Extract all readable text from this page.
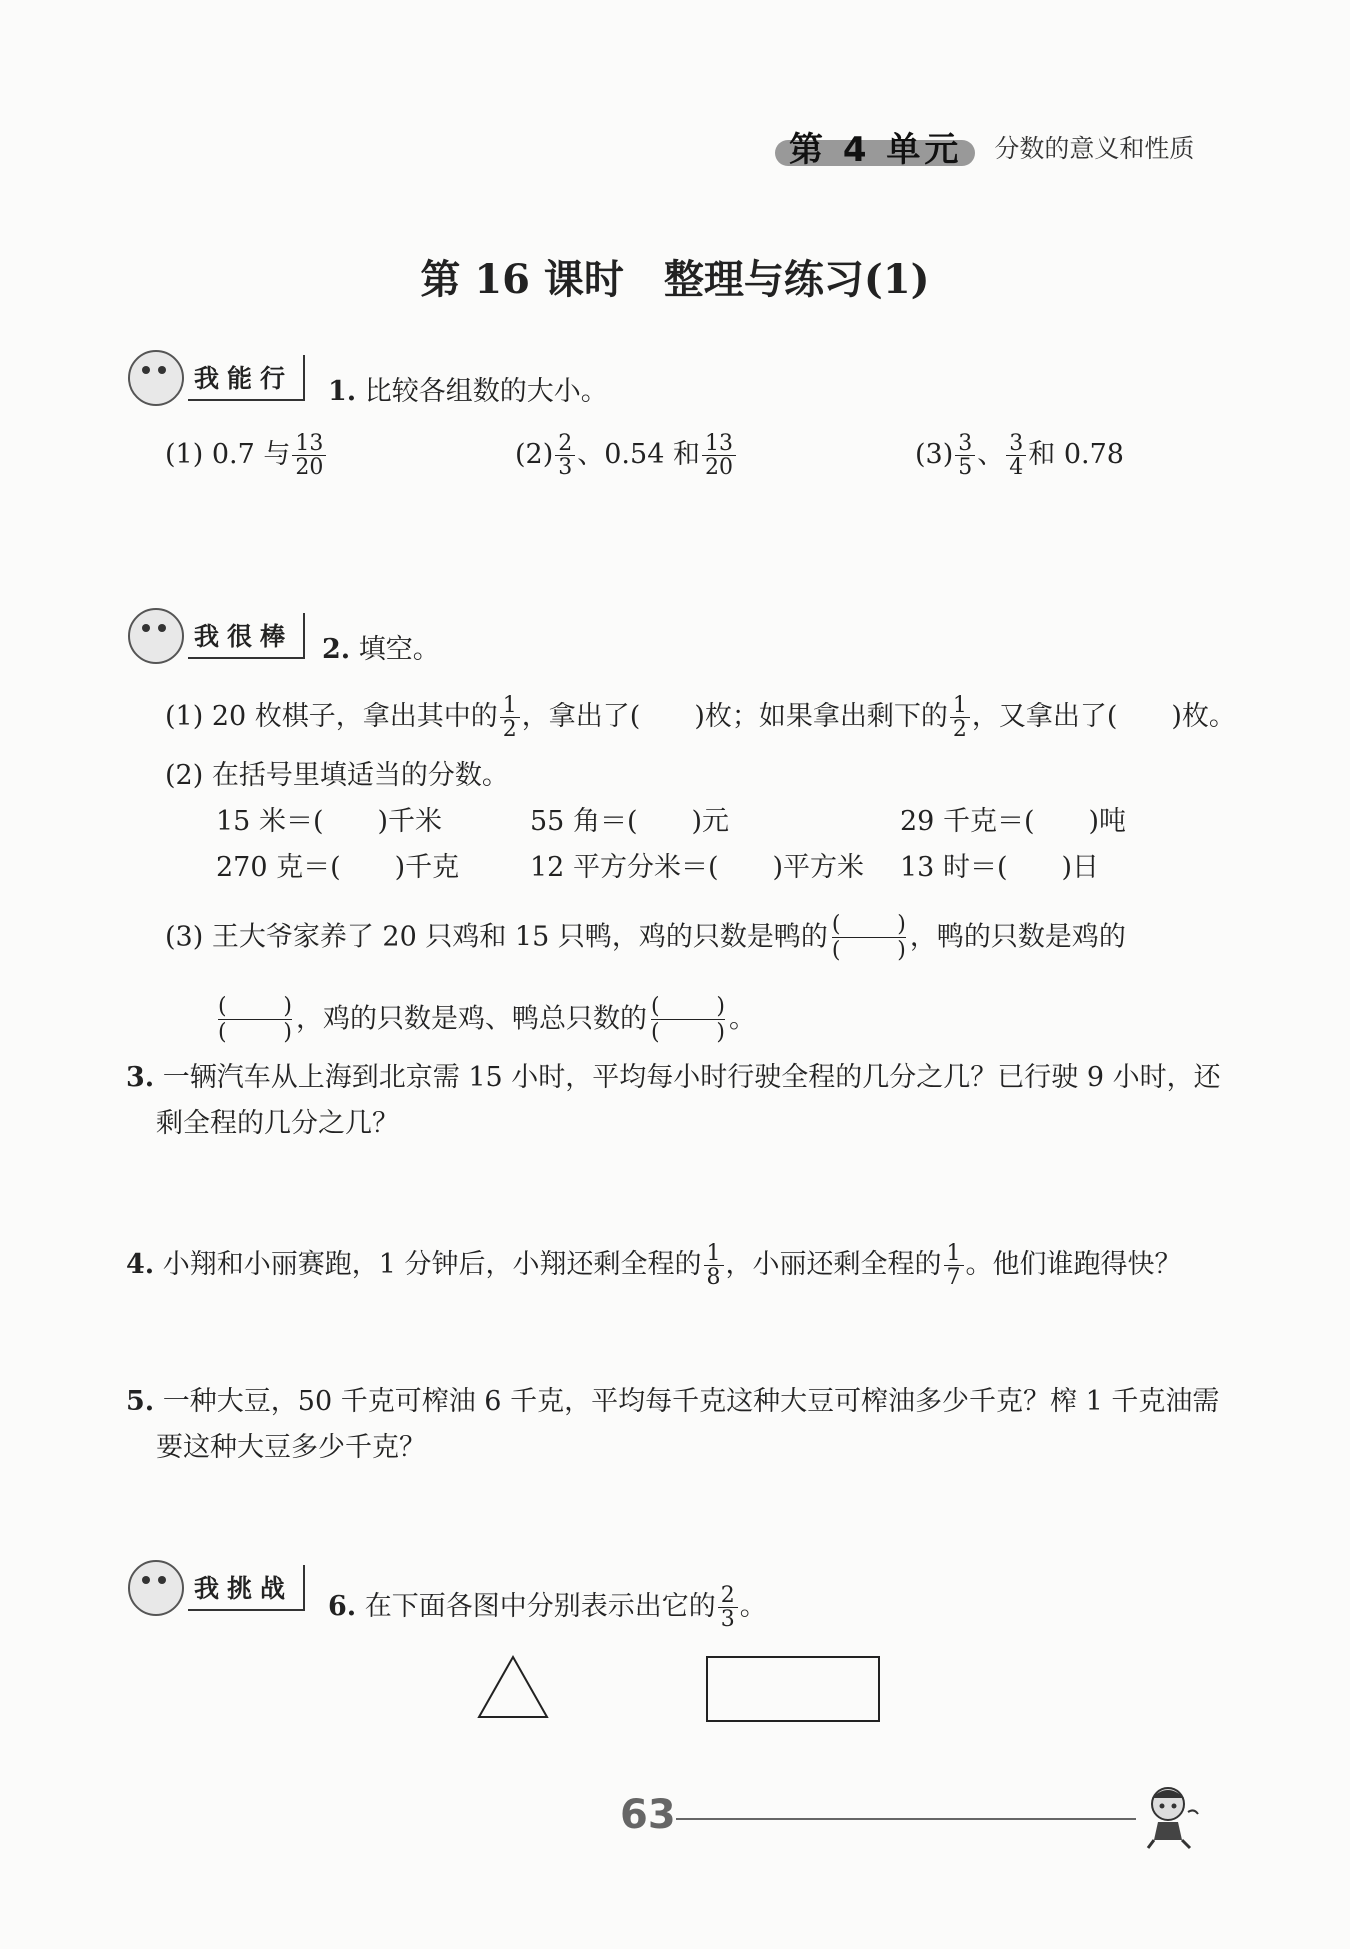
第 4 单元	分数的意义和性质
第 16 课时　整理与练习(1)
我能行	1. 比较各组数的大小。
(1) 0.7 与 $\frac{13}{20}$	$(2) \frac{2}{3}$ 、0.54 和 $\frac{13}{20}$	$(3) \frac{3}{5}$ 、 $\frac{3}{4}$ 和 0.78
我很棒	2. 填空。
(1) 20 枚棋子，拿出其中的 $\frac{1}{2}$ ，拿出了(　　)枚；如果拿出剩下的 $\frac{1}{2}$ ，又拿出了(　　)枚。
(2) 在括号里填适当的分数。
15 米＝(　　)千米	55 角＝(　　)元	29 千克＝(　　)吨
270 克＝(　　)千克	12 平方分米＝(　　)平方米 13 时＝(　　)日
(3) 王大爷家养了 20 只鸡和 15 只鸭，鸡的只数是鸭的 (	)
(	) ，鸭的只数是鸡的
(	)
(	) ，鸡的只数是鸡、鸭总只数的 (	)
(	) 。
3. 一辆汽车从上海到北京需 15 小时，平均每小时行驶全程的几分之几？已行驶 9 小时，还
剩全程的几分之几？
4. 小翔和小丽赛跑，1 分钟后，小翔还剩全程的 $\frac{1}{8}$ ，小丽还剩全程的 $\frac{1}{7}$ 。他们谁跑得快？
5. 一种大豆，50 千克可榨油 6 千克，平均每千克这种大豆可榨油多少千克？榨 1 千克油需
要这种大豆多少千克？
我挑战
6. 在下面各图中分别表示出它的 $\frac{2}{3}$ 。
63
